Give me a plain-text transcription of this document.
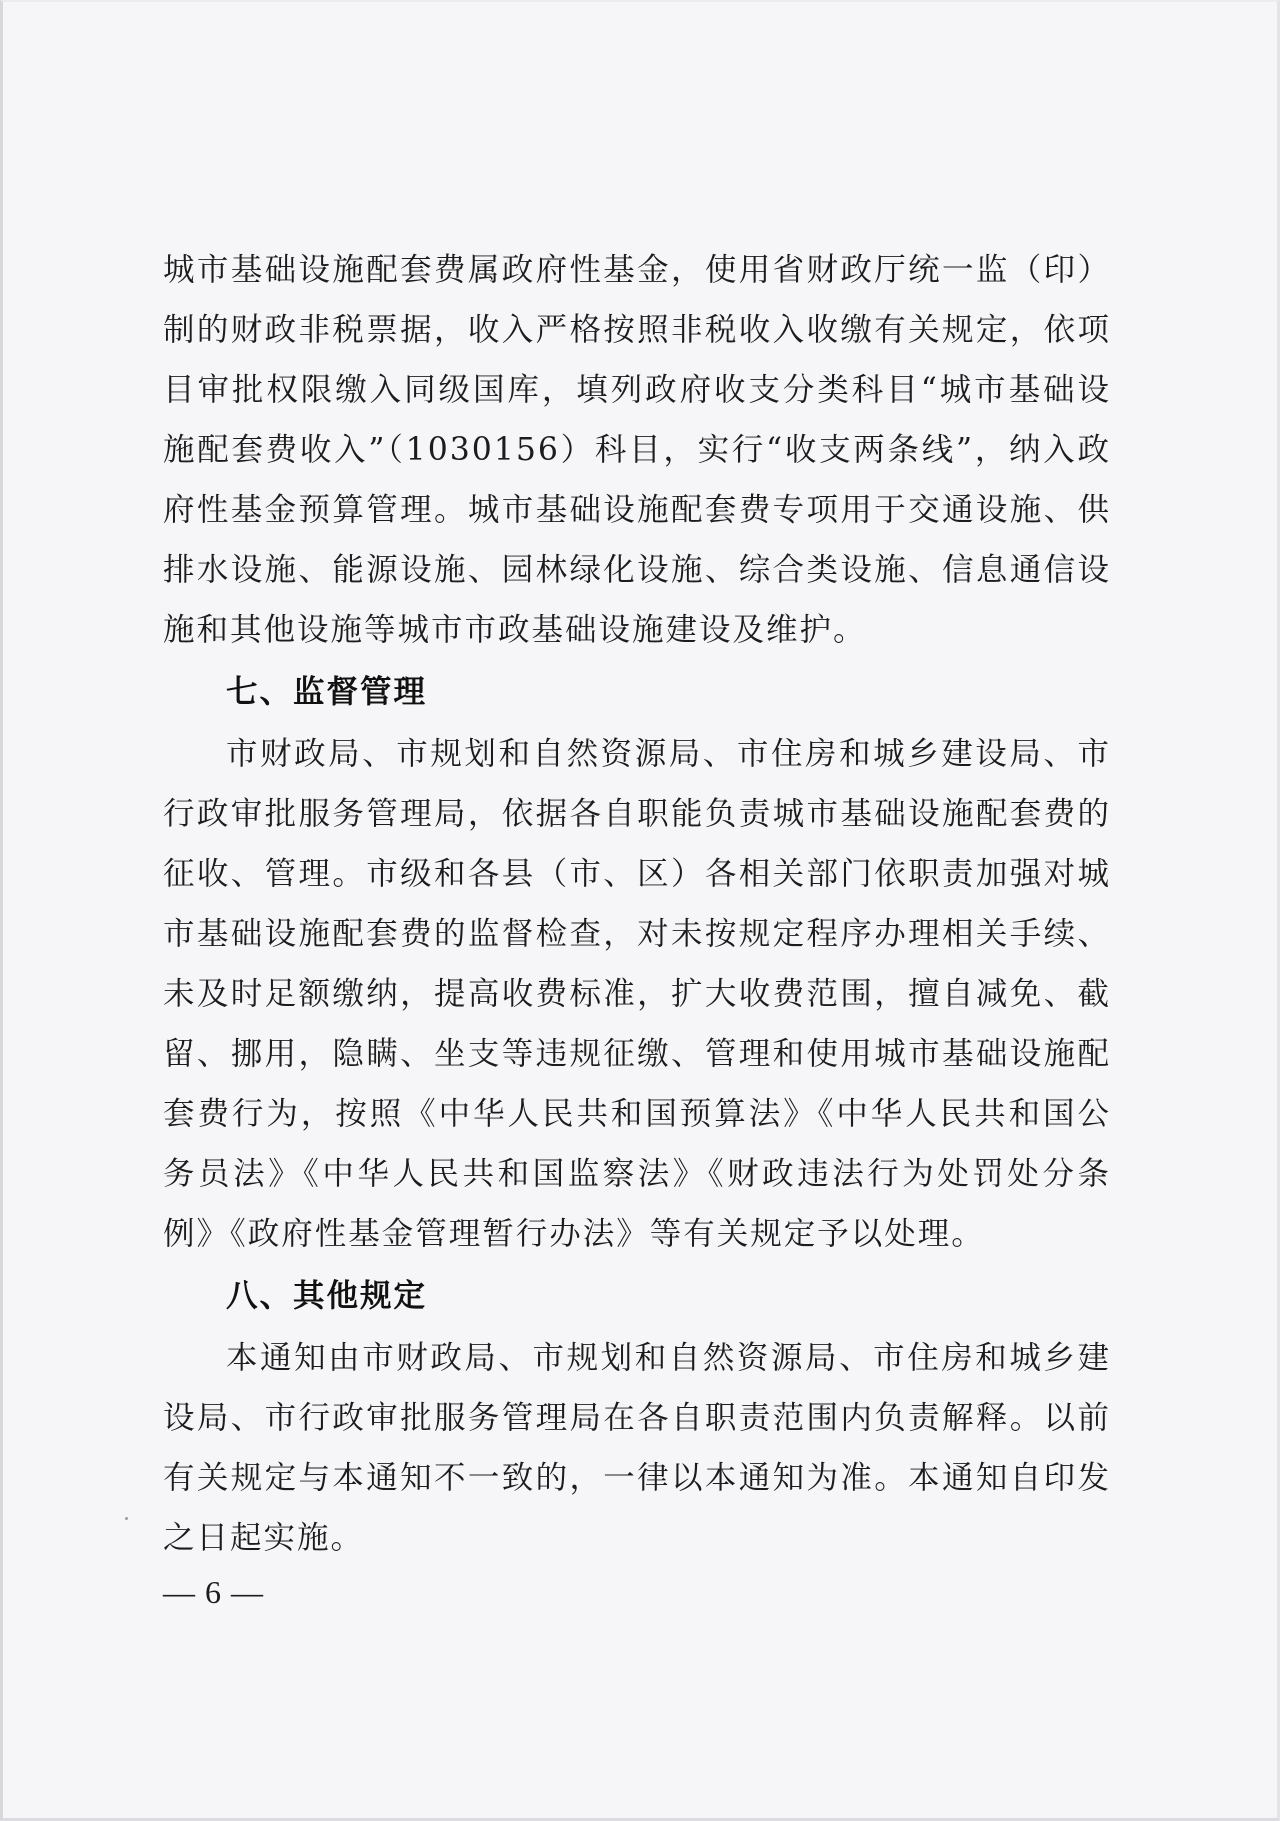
城市基础设施配套费属政府性基金，使用省财政厅统一监（印）制的财政非税票据，收入严格按照非税收入收缴有关规定，依项目审批权限缴入同级国库，填列政府收支分类科目“城市基础设施配套费收入”（1030156）科目，实行“收支两条线”，纳入政府性基金预算管理。城市基础设施配套费专项用于交通设施、供排水设施、能源设施、园林绿化设施、综合类设施、信息通信设施和其他设施等城市市政基础设施建设及维护。

七、监督管理

市财政局、市规划和自然资源局、市住房和城乡建设局、市行政审批服务管理局，依据各自职能负责城市基础设施配套费的征收、管理。市级和各县（市、区）各相关部门依职责加强对城市基础设施配套费的监督检查，对未按规定程序办理相关手续、未及时足额缴纳，提高收费标准，扩大收费范围，擅自减免、截留、挪用，隐瞒、坐支等违规征缴、管理和使用城市基础设施配套费行为，按照《中华人民共和国预算法》《中华人民共和国公务员法》《中华人民共和国监察法》《财政违法行为处罚处分条例》《政府性基金管理暂行办法》等有关规定予以处理。

八、其他规定

本通知由市财政局、市规划和自然资源局、市住房和城乡建设局、市行政审批服务管理局在各自职责范围内负责解释。以前有关规定与本通知不一致的，一律以本通知为准。本通知自印发之日起实施。

— 6 —
